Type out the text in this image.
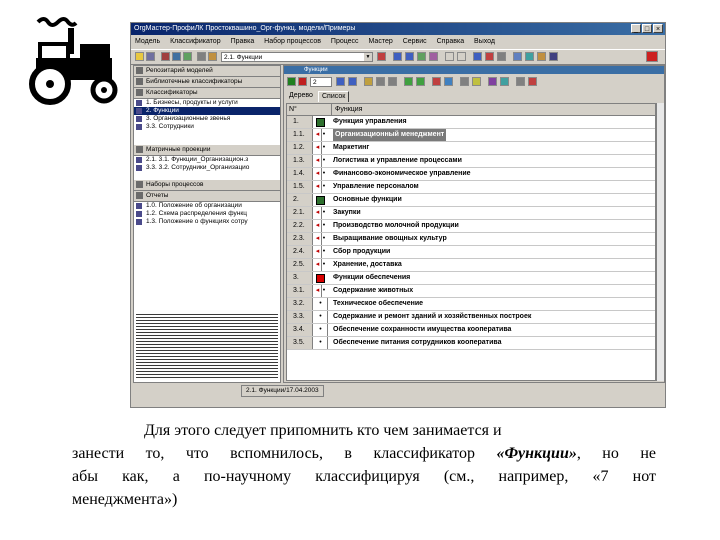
OrgМастер-ПрофиЛК Простоквашино_Орг-функц. модели/Примеры	_ □ ×
Модель Классификатор Правка Набор процессов Процесс Мастер Сервис Справка Выход
2.1. Функции	▼
Репозитарий моделей
Библиотечные классификаторы
Классификаторы
1. Бизнесы, продукты и услуги
2. Функции
3. Организационные звенья
3.3. Сотрудники
Матричные проекции
2.1. 3.1. Функции_Организацион.з
3.3. 3.2. Сотрудники_Организацио
Наборы процессов
Отчеты
1.0. Положение об организации
1.2. Схема распределения функц
1.3. Положение о функциях сотру
Функции
2
Дерево	Список
N°	Функция
1.	Функция управления
1.1.	◂ •	Организационный менеджмент
1.2.	◂ •	Маркетинг
1.3.	◂ •	Логистика и управление процессами
1.4.	◂ •	Финансово-экономическое управление
1.5.	◂ •	Управление персоналом
2.	Основные функции
2.1.	◂ •	Закупки
2.2.	◂ •	Производство молочной продукции
2.3.	◂ •	Выращивание овощных культур
2.4.	◂ •	Сбор продукции
2.5.	◂ •	Хранение, доставка
3.	Функции обеспечения
3.1.	◂ •	Содержание животных
3.2.	•	Техническое обеспечение
3.3.	•	Содержание и ремонт зданий и хозяйственных построек
3.4.	•	Обеспечение сохранности имущества кооператива
3.5.	•	Обеспечение питания сотрудников кооператива
2.1. Функции/17.04.2003
Для этого следует припомнить кто чем занимается и
занести то, что вспомнилось, в классификатор «Функции», но не
абы как, а по-научному классифицируя (см., например, «7 нот
менеджмента»)
